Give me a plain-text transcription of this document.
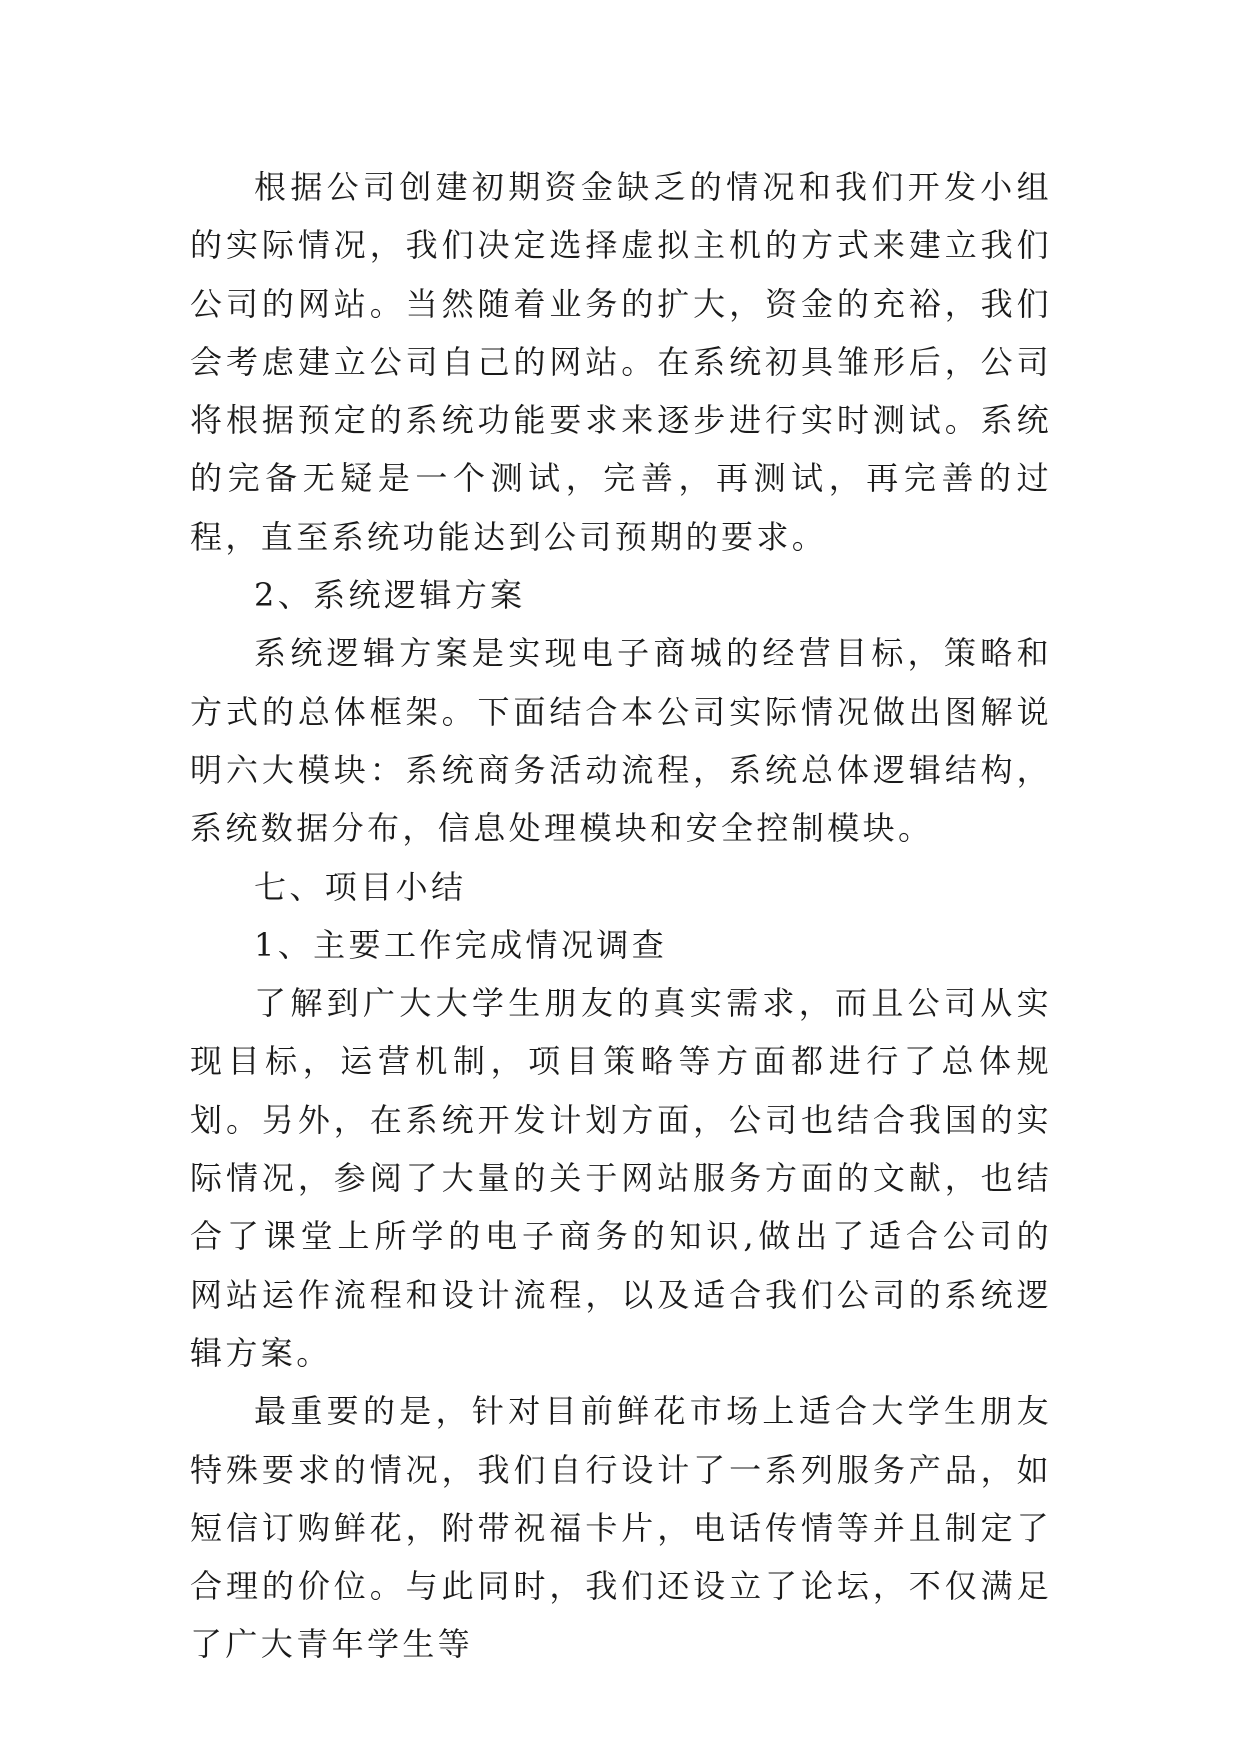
根据公司创建初期资金缺乏的情况和我们开发小组的实际情况，我们决定选择虚拟主机的方式来建立我们公司的网站。当然随着业务的扩大，资金的充裕，我们会考虑建立公司自己的网站。在系统初具雏形后，公司将根据预定的系统功能要求来逐步进行实时测试。系统的完备无疑是一个测试，完善，再测试，再完善的过程，直至系统功能达到公司预期的要求。

2、系统逻辑方案

系统逻辑方案是实现电子商城的经营目标，策略和方式的总体框架。下面结合本公司实际情况做出图解说明六大模块：系统商务活动流程，系统总体逻辑结构，系统数据分布，信息处理模块和安全控制模块。

七、项目小结

1、主要工作完成情况调查

了解到广大大学生朋友的真实需求，而且公司从实现目标，运营机制，项目策略等方面都进行了总体规划。另外，在系统开发计划方面，公司也结合我国的实际情况，参阅了大量的关于网站服务方面的文献，也结合了课堂上所学的电子商务的知识,做出了适合公司的网站运作流程和设计流程，以及适合我们公司的系统逻辑方案。

最重要的是，针对目前鲜花市场上适合大学生朋友特殊要求的情况，我们自行设计了一系列服务产品，如短信订购鲜花，附带祝福卡片，电话传情等并且制定了合理的价位。与此同时，我们还设立了论坛，不仅满足了广大青年学生等
